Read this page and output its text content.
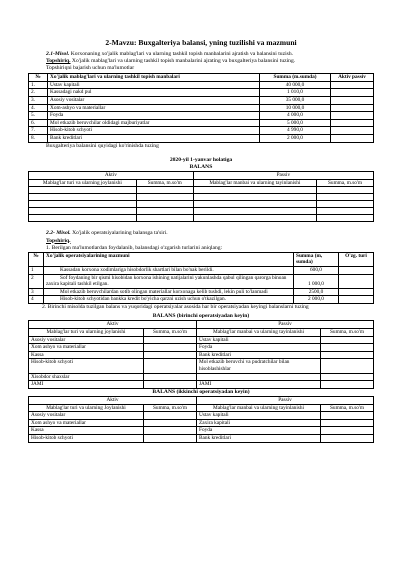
2-Mavzu: Buxgalteriya balansi, yning tuzilishi va mazmuni

2.1-Misol. Korxonaning xo'jalik mablag'lari va ularning tashkil topish manbalarini ajratish va balansini tuzish.

Topshiriq. Xo'jalik mablag'lari va ularning tashkil topish manbalarini ajrating va buxgalteriya balansini tuzing.

Topshiriqni bajarish uchun ma'lumotlar

№	Xo'jalik mablag'lari va ularning tashkil topish manbalari	Summa (m.sumda)	Aktiv passiv
1.	Ustav kapitali	40 000,0	
2.	Kassadagi nakd pul	1 010,0	
3.	Asosiy vositalar	35 000,0	
4.	Xom-ashyo va materiallar	10 000,0	
5.	Foyda	4 000,0	
6.	Mol etkazib beruvchilar oldidagi majburiyatlar	5 000,0	
7.	Hisob-kitob schyoti	4 990,0	
8.	Bank kreditlari	2 000,0	

Buxgalteriya balansini quyidagi ko'rinishda tuzing

2020-yil 1-yanvar holatiga
BALANS
Aktiv		Passiv	
Mablag'lar turi va ularning joylanishi	Summa, m.so'm	Mablag'lar manbai va ularning tayinlanishi	Summa, m.so'm

2.2- Misol. Xo'jalik operatsiyalarining balansga ta'siri.

Topshiriq.

1. Berilgan ma'lumotlardan foydalanib, balansdagi o'zgarish turlarini aniqlang:

№	Xo'jalik operatsiyalarining mazmuni	Summa (m, sumda)	O'zg. turi
1	Kassadan korxona xodimlariga hisobdorlik shartlari bilan bo'nak berildi.	600,0	
2	Sof foydaning bir qismi hisobidan korxona ishining natijalarini yakunlashda qabul qilingan qarorga binoan zaxira kapitali tashkil etilgan.	1 000,0	
3	Mol etkazib beruvchilardan sotib olingan materiallar korxonaga kelib tushdi, lekin puli to'lanmadi	2500,0	
4	Hisob-kitob schyotidan bankka kredit bo'yicha qarzni uzish uchun o'tkazilgan.	2 000,0	

2. Birinchi misolda tuzilgan balans va yuqoridagi operatsiyalar asosida har bir operatsiyadan keyingi balanslarni tuzing

BALANS (birinchi operatsiyadan keyin)
Aktiv		Passiv	
Mablag'lar turi va ularning joylanishi	Summa, m.so'm	Mablag'lar manbai va ularning tayinlanishi	Summa, m.so'm
Asosiy vositalar		Ustav kapitali	
Xom ashyo va materiallar		Foyda	
Kassa		Bank kreditlari	
Hisob-kitob schyoti		Mol etkazib beruvchi va pudratchilar bilan hisoblashishlar	
Xisobdor shaxslar			
JAMI		JAMI	
BALANS (ikkinchi operatsiyadan keyin)
Aktiv		Passiv	
Mablag'lar turi va ularning Joylanishi	Summa, m.so'm	Mablag'lar manbai va ularning tayinlanishi	Summa, m.so'm
Asosiy vositalar		Ustav kapitali	
Xom ashyo va materiallar		Zaxira kapitali	
Kassa		Foyda	
Hisob-kitob schyoti		Bank kreditlari	
